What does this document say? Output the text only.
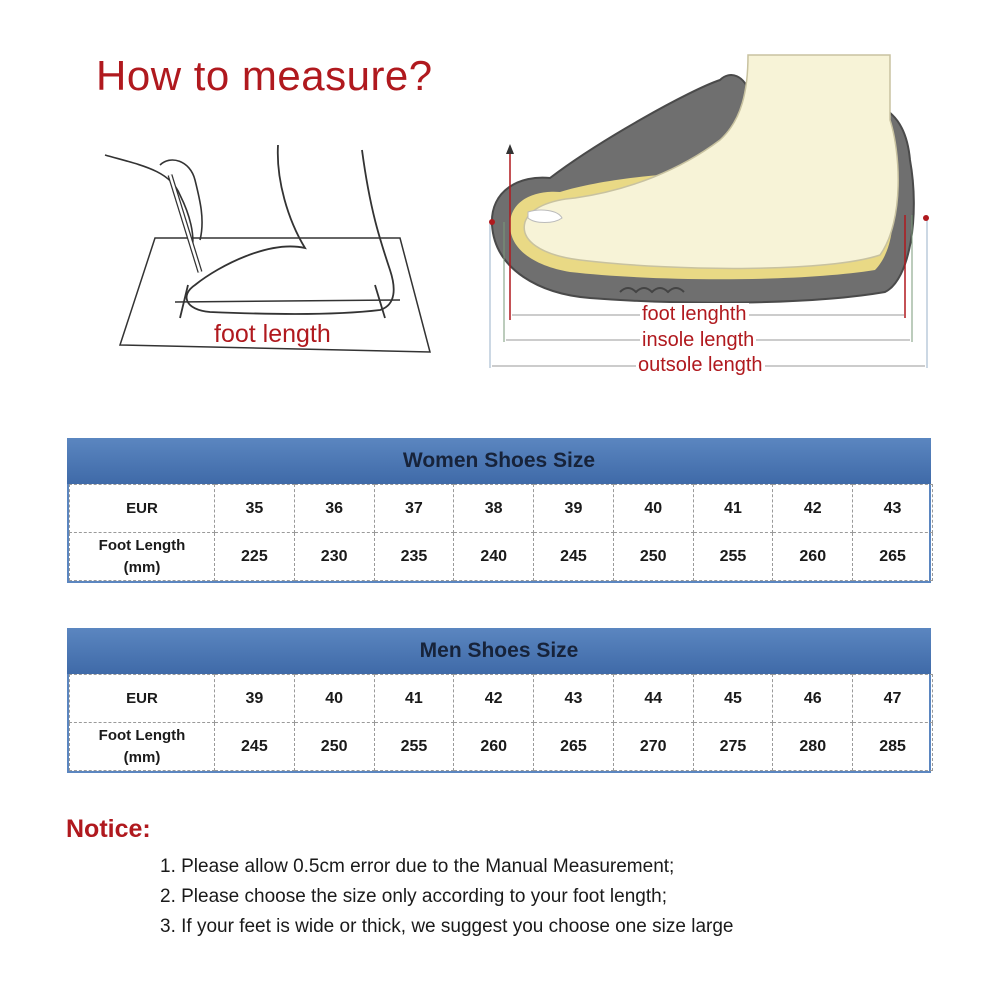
How to measure?
foot length
foot lenghth
insole length
outsole length
Women Shoes Size
EUR	35	36	37	38	39	40	41	42	43

Foot Length
(mm)	225	230	235	240	245	250	255	260	265
Men Shoes Size
EUR	39	40	41	42	43	44	45	46	47

Foot Length
(mm)	245	250	255	260	265	270	275	280	285
Notice:
1. Please allow 0.5cm error due to the Manual Measurement;
2. Please choose the size only according to your foot length;
3. If your feet is wide or thick, we suggest you choose one size large
